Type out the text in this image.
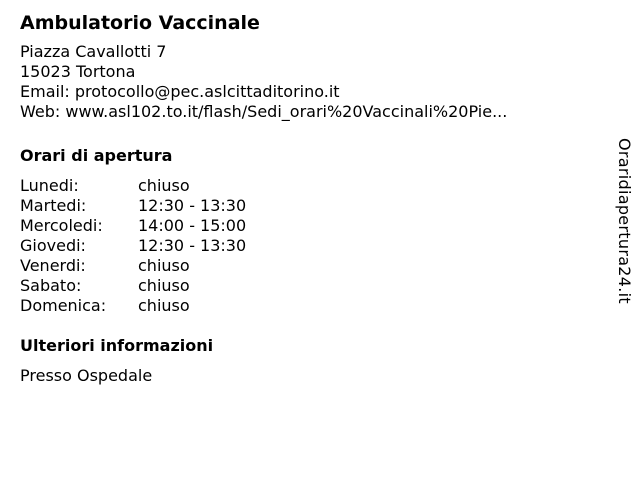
Ambulatorio Vaccinale
Piazza Cavallotti 7
15023 Tortona
Email: protocollo@pec.aslcittaditorino.it
Web: www.asl102.to.it/flash/Sedi_orari%20Vaccinali%20Pie...
Orari di apertura
Lunedi:	chiuso
Martedi:	12:30 - 13:30
Mercoledi:	14:00 - 15:00
Giovedi:	12:30 - 13:30
Venerdi:	chiuso
Sabato:	chiuso
Domenica:	chiuso
Ulteriori informazioni
Presso Ospedale
Oraridiapertura24.it
